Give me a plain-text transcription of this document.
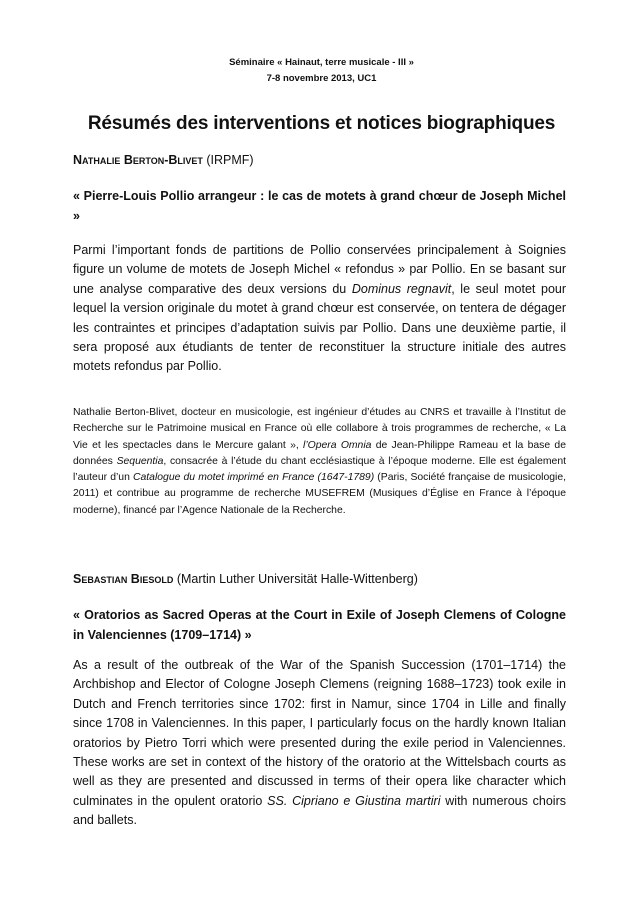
Séminaire « Hainaut, terre musicale - III »
7-8 novembre 2013, UC1
Résumés des interventions et notices biographiques
Nathalie Berton-Blivet (IRPMF)
« Pierre-Louis Pollio arrangeur : le cas de motets à grand chœur de Joseph Michel »
Parmi l’important fonds de partitions de Pollio conservées principalement à Soignies figure un volume de motets de Joseph Michel « refondus » par Pollio. En se basant sur une analyse comparative des deux versions du Dominus regnavit, le seul motet pour lequel la version originale du motet à grand chœur est conservée, on tentera de dégager les contraintes et principes d’adaptation suivis par Pollio. Dans une deuxième partie, il sera proposé aux étudiants de tenter de reconstituer la structure initiale des autres motets refondus par Pollio.
Nathalie Berton-Blivet, docteur en musicologie, est ingénieur d’études au CNRS et travaille à l’Institut de Recherche sur le Patrimoine musical en France où elle collabore à trois programmes de recherche, « La Vie et les spectacles dans le Mercure galant », l’Opera Omnia de Jean-Philippe Rameau et la base de données Sequentia, consacrée à l’étude du chant ecclésiastique à l’époque moderne. Elle est également l’auteur d’un Catalogue du motet imprimé en France (1647-1789) (Paris, Société française de musicologie, 2011) et contribue au programme de recherche MUSEFREM (Musiques d’Église en France à l’époque moderne), financé par l’Agence Nationale de la Recherche.
Sebastian Biesold (Martin Luther Universität Halle-Wittenberg)
« Oratorios as Sacred Operas at the Court in Exile of Joseph Clemens of Cologne in Valenciennes (1709–1714) »
As a result of the outbreak of the War of the Spanish Succession (1701–1714) the Archbishop and Elector of Cologne Joseph Clemens (reigning 1688–1723) took exile in Dutch and French territories since 1702: first in Namur, since 1704 in Lille and finally since 1708 in Valenciennes. In this paper, I particularly focus on the hardly known Italian oratorios by Pietro Torri which were presented during the exile period in Valenciennes. These works are set in context of the history of the oratorio at the Wittelsbach courts as well as they are presented and discussed in terms of their opera like character which culminates in the opulent oratorio SS. Cipriano e Giustina martiri with numerous choirs and ballets.
